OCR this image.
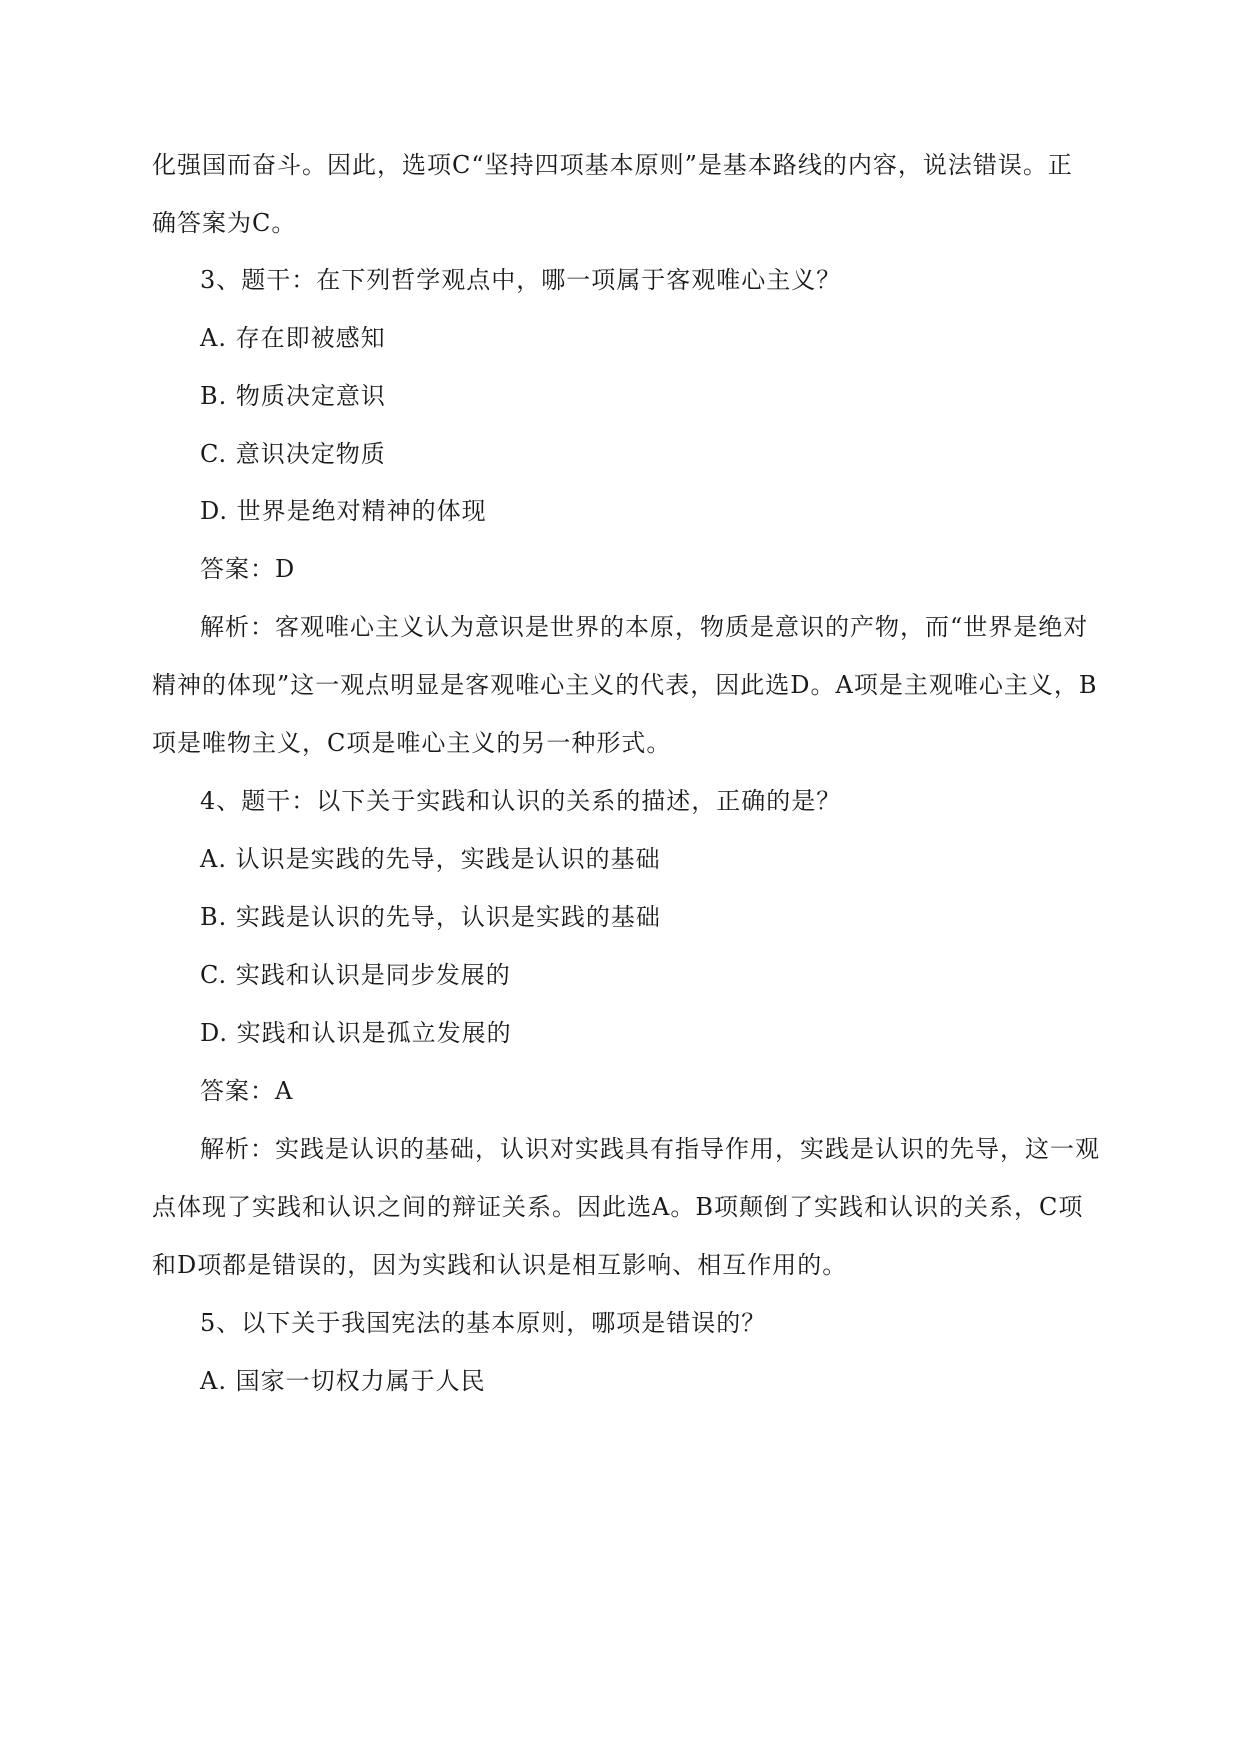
化强国而奋斗。因此，选项C“坚持四项基本原则”是基本路线的内容，说法错误。正
确答案为C。
3、题干：在下列哲学观点中，哪一项属于客观唯心主义？
A. 存在即被感知
B. 物质决定意识
C. 意识决定物质
D. 世界是绝对精神的体现
答案：D
解析：客观唯心主义认为意识是世界的本原，物质是意识的产物，而“世界是绝对
精神的体现”这一观点明显是客观唯心主义的代表，因此选D。A项是主观唯心主义，B
项是唯物主义，C项是唯心主义的另一种形式。
4、题干：以下关于实践和认识的关系的描述，正确的是？
A. 认识是实践的先导，实践是认识的基础
B. 实践是认识的先导，认识是实践的基础
C. 实践和认识是同步发展的
D. 实践和认识是孤立发展的
答案：A
解析：实践是认识的基础，认识对实践具有指导作用，实践是认识的先导，这一观
点体现了实践和认识之间的辩证关系。因此选A。B项颠倒了实践和认识的关系，C项
和D项都是错误的，因为实践和认识是相互影响、相互作用的。
5、以下关于我国宪法的基本原则，哪项是错误的？
A. 国家一切权力属于人民
